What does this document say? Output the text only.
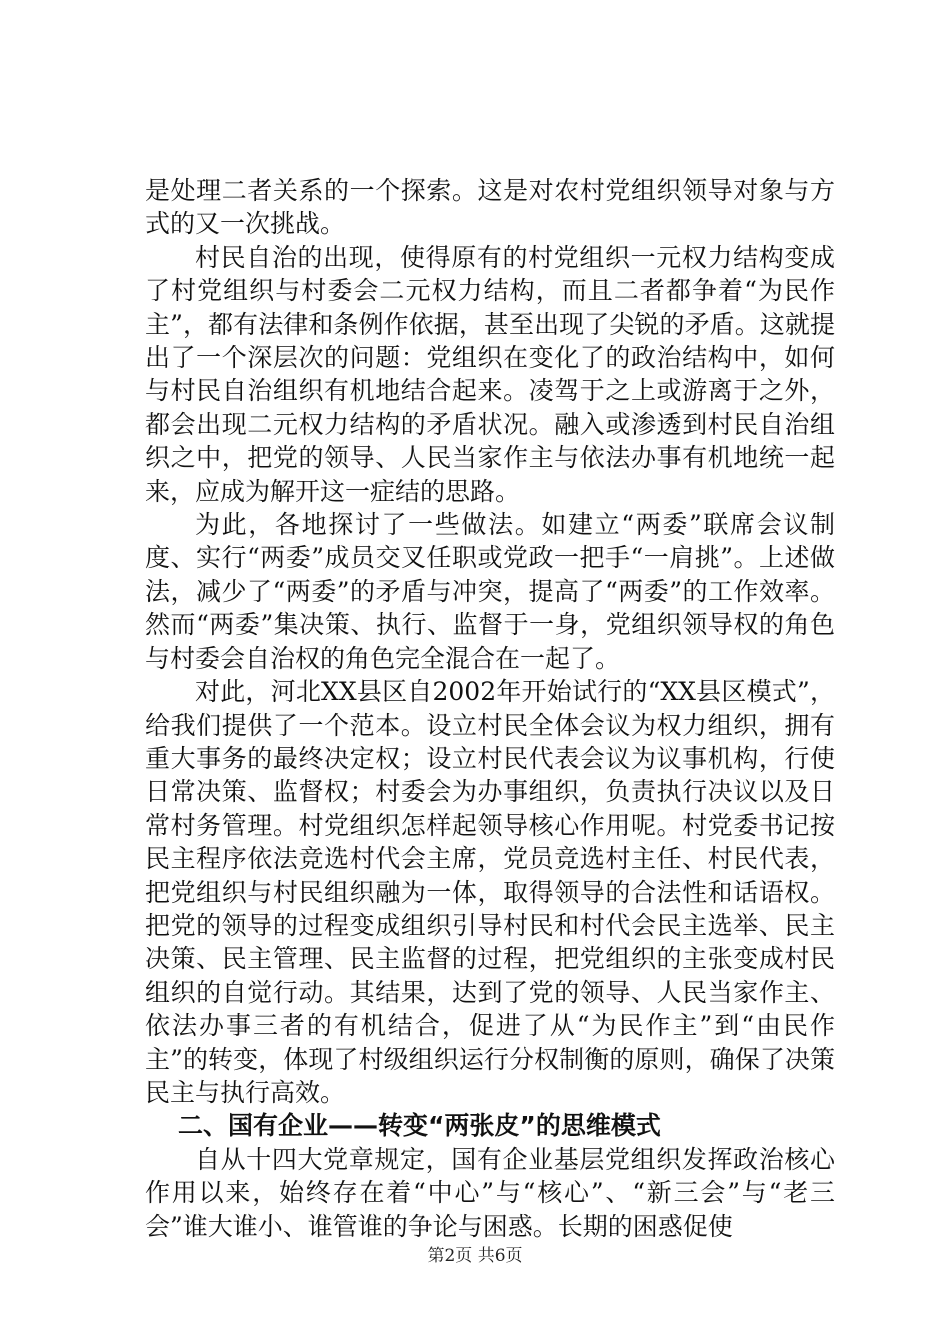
是处理二者关系的一个探索。这是对农村党组织领导对象与方式的又一次挑战。

村民自治的出现，使得原有的村党组织一元权力结构变成了村党组织与村委会二元权力结构，而且二者都争着“为民作主”，都有法律和条例作依据，甚至出现了尖锐的矛盾。这就提出了一个深层次的问题：党组织在变化了的政治结构中，如何与村民自治组织有机地结合起来。凌驾于之上或游离于之外，都会出现二元权力结构的矛盾状况。融入或渗透到村民自治组织之中，把党的领导、人民当家作主与依法办事有机地统一起来，应成为解开这一症结的思路。

为此，各地探讨了一些做法。如建立“两委”联席会议制度、实行“两委”成员交叉任职或党政一把手“一肩挑”。上述做法，减少了“两委”的矛盾与冲突，提高了“两委”的工作效率。然而“两委”集决策、执行、监督于一身，党组织领导权的角色与村委会自治权的角色完全混合在一起了。

对此，河北XX县区自2002年开始试行的“XX县区模式”，给我们提供了一个范本。设立村民全体会议为权力组织，拥有重大事务的最终决定权；设立村民代表会议为议事机构，行使日常决策、监督权；村委会为办事组织，负责执行决议以及日常村务管理。村党组织怎样起领导核心作用呢。村党委书记按民主程序依法竞选村代会主席，党员竞选村主任、村民代表，把党组织与村民组织融为一体，取得领导的合法性和话语权。把党的领导的过程变成组织引导村民和村代会民主选举、民主决策、民主管理、民主监督的过程，把党组织的主张变成村民组织的自觉行动。其结果，达到了党的领导、人民当家作主、依法办事三者的有机结合，促进了从“为民作主”到“由民作主”的转变，体现了村级组织运行分权制衡的原则，确保了决策民主与执行高效。

二、国有企业——转变“两张皮”的思维模式

自从十四大党章规定，国有企业基层党组织发挥政治核心作用以来，始终存在着“中心”与“核心”、“新三会”与“老三会”谁大谁小、谁管谁的争论与困惑。长期的困惑促使

第2页 共6页
